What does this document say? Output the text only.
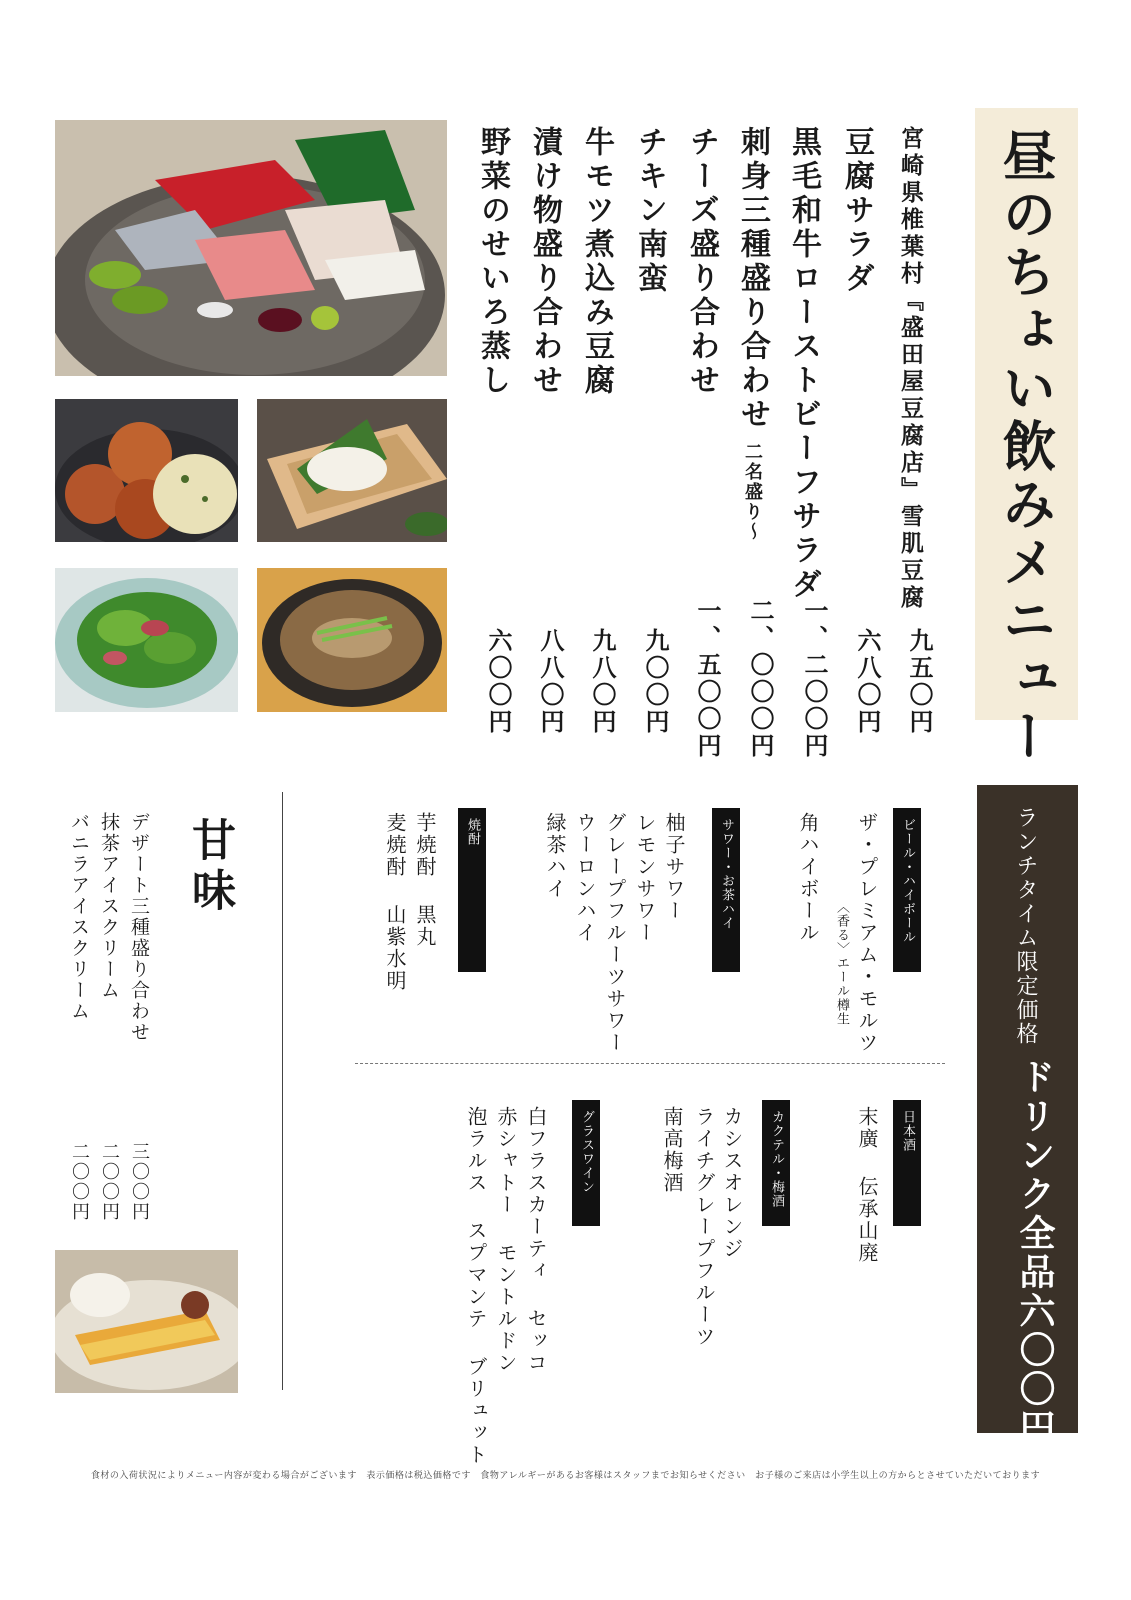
昼のちょい飲みメニュー
宮崎県椎葉村『盛田屋豆腐店』雪肌豆腐
豆腐サラダ
黒毛和牛ローストビーフサラダ
刺身三種盛り合わせ二名盛り〜
チーズ盛り合わせ
チキン南蛮
牛モツ煮込み豆腐
漬け物盛り合わせ
野菜のせいろ蒸し
九五〇円
六八〇円
一、二〇〇円
二、〇〇〇円
一、五〇〇円
九〇〇円
九八〇円
八八〇円
六〇〇円
ランチタイム限定価格
ドリンク全品六〇〇円
ビール・ハイボール
ザ・プレミアム・モルツ
〈香る〉エール樽生
角ハイボール
サワー・お茶ハイ
柚子サワー
レモンサワー
グレープフルーツサワー
ウーロンハイ
緑茶ハイ
焼酎
芋焼酎 黒丸
麦焼酎 山紫水明
日本酒
末廣 伝承山廃
カクテル・梅酒
カシスオレンジ
ライチグレープフルーツ
南高梅酒
グラスワイン
白フラスカーティ セッコ
赤シャトー モントルドン
泡ラルス スプマンテ ブリュット
甘味
デザート三種盛り合わせ
抹茶アイスクリーム
バニラアイスクリーム
三〇〇円
二〇〇円
二〇〇円
食材の入荷状況によりメニュー内容が変わる場合がございます　表示価格は税込価格です　食物アレルギーがあるお客様はスタッフまでお知らせください　お子様のご来店は小学生以上の方からとさせていただいております
